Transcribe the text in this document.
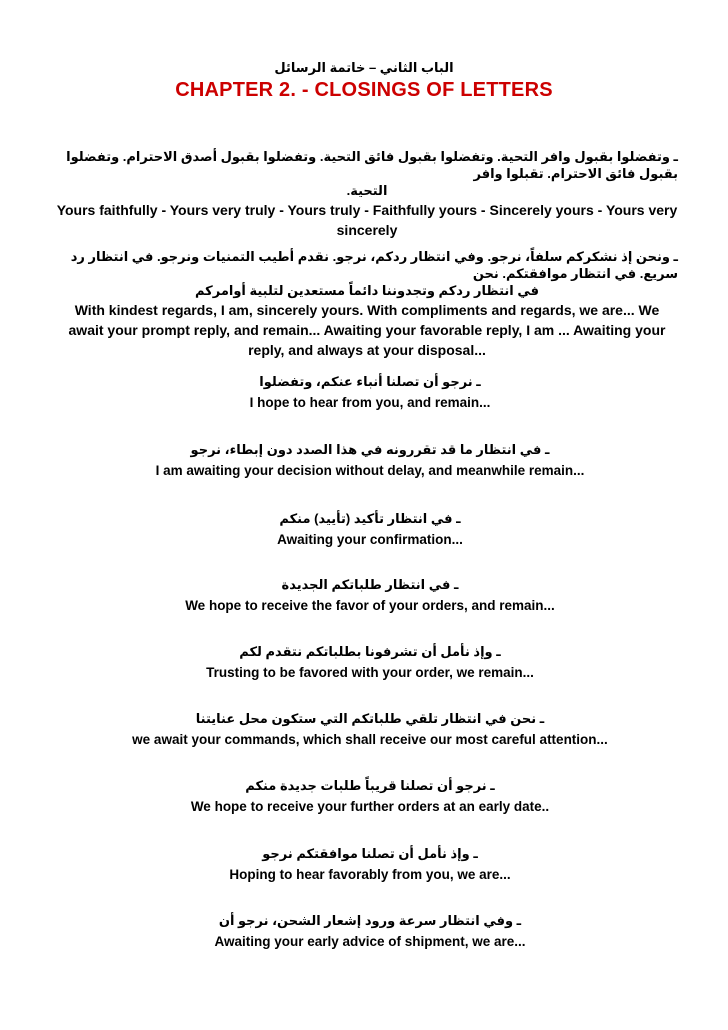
الباب الثاني – خاتمة الرسائل
CHAPTER 2. - CLOSINGS OF LETTERS
ـ وتفضلوا بقبول وافر التحية. وتفضلوا بقبول فائق التحية. وتفضلوا بقبول أصدق الاحترام. وتفضلوا بقبول فائق الاحترام. تقبلوا وافر
التحية.
Yours faithfully - Yours very truly - Yours truly - Faithfully yours - Sincerely yours - Yours very sincerely
ـ ونحن إذ نشكركم سلفاً، نرجو. وفي انتظار ردكم، نرجو. نقدم أطيب التمنيات ونرجو. في انتظار رد سريع. في انتظار موافقتكم. نحن
في انتظار ردكم وتجدوننا دائماً مستعدين لتلبية أوامركم
With kindest regards, I am, sincerely yours. With compliments and regards, we are... We await your prompt reply, and remain... Awaiting your favorable reply, I am ... Awaiting your reply, and always at your disposal...
ـ نرجو أن تصلنا أنباء عنكم، وتفضلوا
I hope to hear from you, and remain...
ـ في انتظار ما قد تقررونه في هذا الصدد دون إبطاء، نرجو
I am awaiting your decision without delay, and meanwhile remain...
ـ في انتظار تأكيد (تأييد) منكم
Awaiting your confirmation...
ـ في انتظار طلباتكم الجديدة
We hope to receive the favor of your orders, and remain...
ـ وإذ نأمل أن تشرفونا بطلباتكم نتقدم لكم
Trusting to be favored with your order, we remain...
ـ نحن في انتظار تلقي طلباتكم التي ستكون محل عنايتنا
we await your commands, which shall receive our most careful attention...
ـ نرجو أن تصلنا قريباً طلبات جديدة منكم
We hope to receive your further orders at an early date..
ـ وإذ نأمل أن تصلنا موافقتكم نرجو
Hoping to hear favorably from you, we are...
ـ وفي انتظار سرعة ورود إشعار الشحن، نرجو أن
Awaiting your early advice of shipment, we are...
